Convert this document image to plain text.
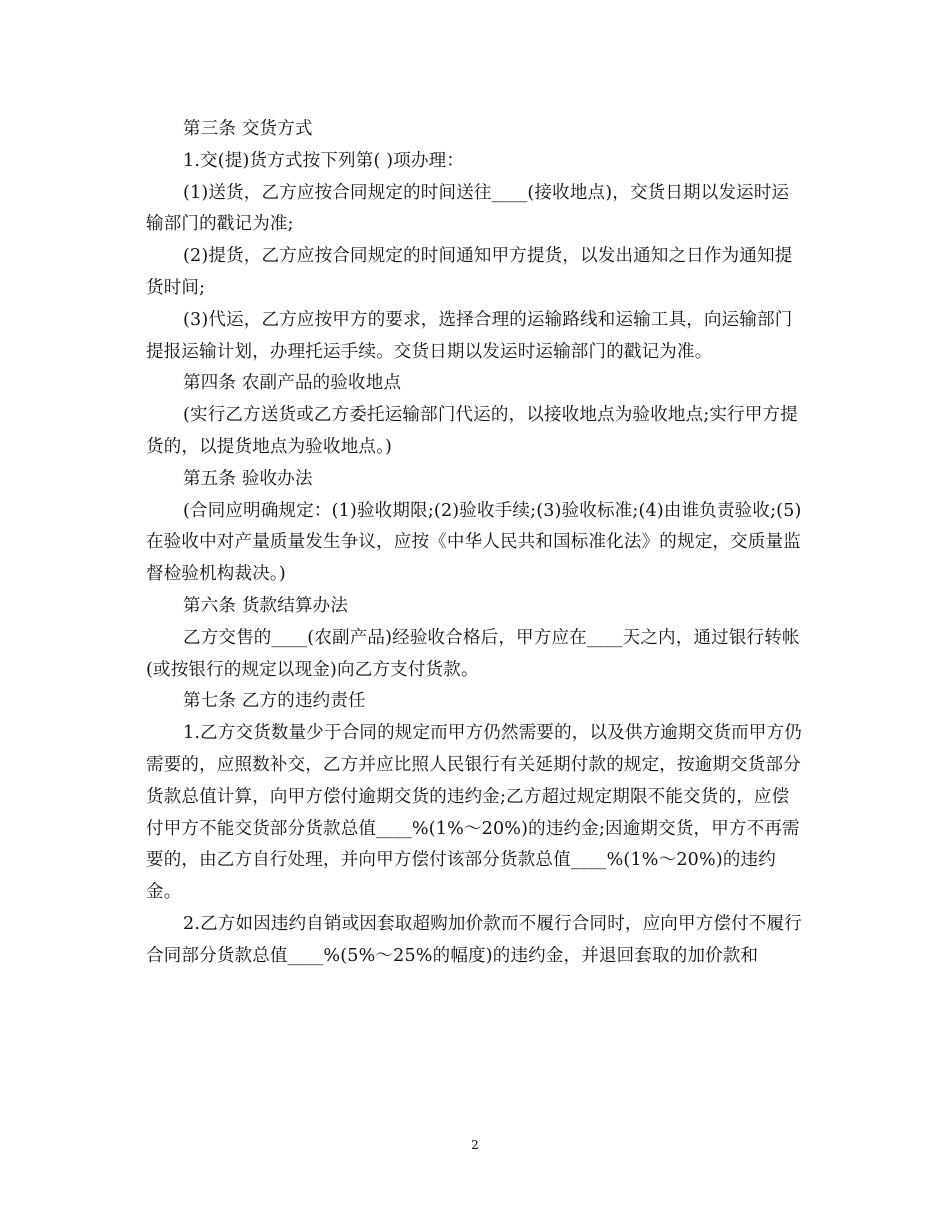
第三条 交货方式

1.交(提)货方式按下列第( )项办理：

(1)送货，乙方应按合同规定的时间送往____(接收地点)，交货日期以发运时运输部门的戳记为准;

(2)提货，乙方应按合同规定的时间通知甲方提货，以发出通知之日作为通知提货时间;

(3)代运，乙方应按甲方的要求，选择合理的运输路线和运输工具，向运输部门提报运输计划，办理托运手续。交货日期以发运时运输部门的戳记为准。

第四条 农副产品的验收地点

(实行乙方送货或乙方委托运输部门代运的，以接收地点为验收地点;实行甲方提货的，以提货地点为验收地点。)

第五条 验收办法

(合同应明确规定：(1)验收期限;(2)验收手续;(3)验收标准;(4)由谁负责验收;(5)在验收中对产量质量发生争议，应按《中华人民共和国标准化法》的规定，交质量监督检验机构裁决。)

第六条 货款结算办法

乙方交售的____(农副产品)经验收合格后，甲方应在____天之内，通过银行转帐(或按银行的规定以现金)向乙方支付货款。

第七条 乙方的违约责任

1.乙方交货数量少于合同的规定而甲方仍然需要的，以及供方逾期交货而甲方仍需要的，应照数补交，乙方并应比照人民银行有关延期付款的规定，按逾期交货部分货款总值计算，向甲方偿付逾期交货的违约金;乙方超过规定期限不能交货的，应偿付甲方不能交货部分货款总值____%(1%～20%)的违约金;因逾期交货，甲方不再需要的，由乙方自行处理，并向甲方偿付该部分货款总值____%(1%～20%)的违约金。

2.乙方如因违约自销或因套取超购加价款而不履行合同时，应向甲方偿付不履行合同部分货款总值____%(5%～25%的幅度)的违约金，并退回套取的加价款和

2
